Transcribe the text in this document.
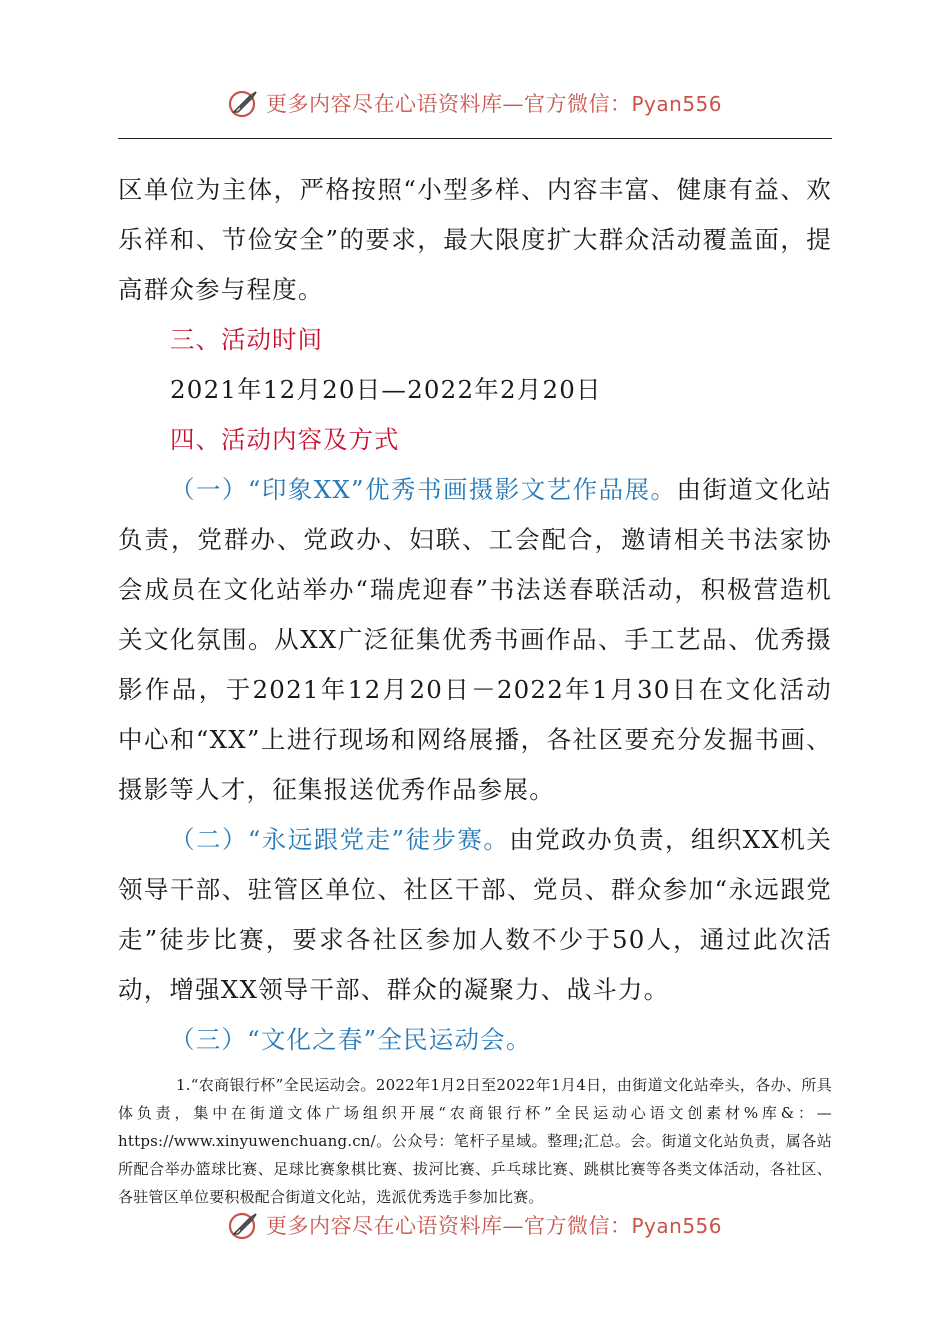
更多内容尽在心语资料库—官方微信：Pyan556

区单位为主体，严格按照“小型多样、内容丰富、健康有益、欢乐祥和、节俭安全”的要求，最大限度扩大群众活动覆盖面，提高群众参与程度。

三、活动时间

2021年12月20日—2022年2月20日

四、活动内容及方式

（一）“印象XX”优秀书画摄影文艺作品展。由街道文化站负责，党群办、党政办、妇联、工会配合，邀请相关书法家协会成员在文化站举办“瑞虎迎春”书法送春联活动，积极营造机关文化氛围。从XX广泛征集优秀书画作品、手工艺品、优秀摄影作品，于2021年12月20日－2022年1月30日在文化活动中心和“XX”上进行现场和网络展播，各社区要充分发掘书画、摄影等人才，征集报送优秀作品参展。

（二）“永远跟党走”徒步赛。由党政办负责，组织XX机关领导干部、驻管区单位、社区干部、党员、群众参加“永远跟党走”徒步比赛，要求各社区参加人数不少于50人，通过此次活动，增强XX领导干部、群众的凝聚力、战斗力。

（三）“文化之春”全民运动会。

1.“农商银行杯”全民运动会。2022年1月2日至2022年1月4日，由街道文化站牵头，各办、所具体负责，集中在街道文体广场组织开展“农商银行杯”全民运动心语文创素材%库&：—https://www.xinyuwenchuang.cn/。公众号：笔杆子星域。整理;汇总。会。街道文化站负责，属各站所配合举办篮球比赛、足球比赛象棋比赛、拔河比赛、乒乓球比赛、跳棋比赛等各类文体活动，各社区、各驻管区单位要积极配合街道文化站，选派优秀选手参加比赛。

更多内容尽在心语资料库—官方微信：Pyan556
